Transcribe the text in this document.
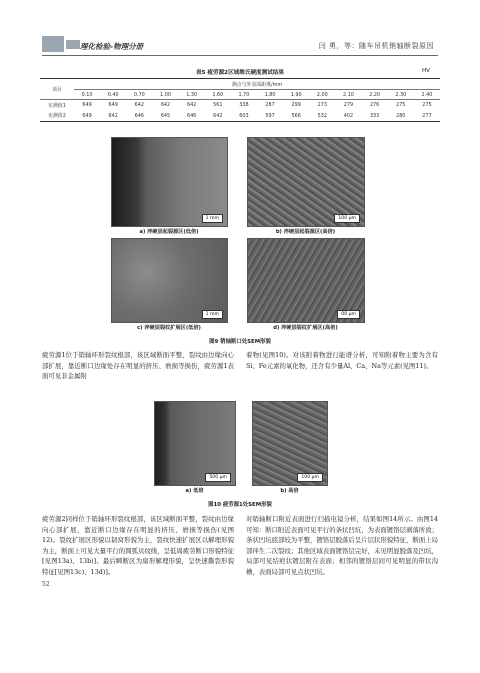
理化检验-物理分册	闫 勇，等：随车吊机销轴断裂原因
表5 疲劳源2区域维氏硬度测试结果	HV
项目	测点与外表面距离/mm													
	0.10	0.40	0.70	1.00	1.30	1.60	1.70	1.80	1.90	2.00	2.10	2.20	2.30	2.40
实测值1	649	649	642	642	642	561	338	287	299	273	279	276	275	275
实测值2	649	642	646	645	646	642	603	597	566	532	402	333	280	277
1 mm	100 μm
a) 淬硬层起裂源区(低倍)	b) 淬硬层起裂源区(高倍)
1 mm	00 μm
c) 淬硬层裂纹扩展区(低倍)	d) 淬硬层裂纹扩展区(高倍)
图9 销轴断口处SEM形貌
疲劳源1位于销轴环形裂纹根部，该区域断面平整，裂纹由边缘向心部扩展，靠近断口边缘处存在明显的挤压、磨损等损伤，疲劳源1表面可见非金属附
着物(见图10)。对该附着物进行能谱分析，可知附着物主要为含有Si、Fe元素的氧化物，还含有少量Al、Ca、Na等元素(见图11)。
500 μm	100 μm
a) 低倍	b) 高倍
图10 疲劳源1处SEM形貌
疲劳源2同样位于销轴环形裂纹根部，该区域断面平整，裂纹由边缘向心部扩展，靠近断口边缘存在明显的挤压、磨损等损伤(见图12)。裂纹扩展区形貌以韧窝形貌为主，裂纹快速扩展区以解理形貌为主，断面上可见大量平行的圆弧贝纹线，呈低周疲劳断口形貌特征[见图13a)、13b)]。最后瞬断区为扇形解理形貌，呈快速撕裂形貌特征[见图13c)、13d)]。
对销轴断口附近表面进行扫描电镜分析，结果如图14所示。由图14可知：断口附近表面可见平行的条状凹坑，为表面镀铬层剥落所致；条状凹坑底部较为平整，镀铬层脱落后呈片层状形貌特征，断面上局部伴生二次裂纹；其他区域表面镀铬层完好，未见明显脱落及凹坑，局部可见结疤状镀层附在表面；相邻的镀铬层间可见明显的带状沟槽，表面局部可见点状凹坑。
52
